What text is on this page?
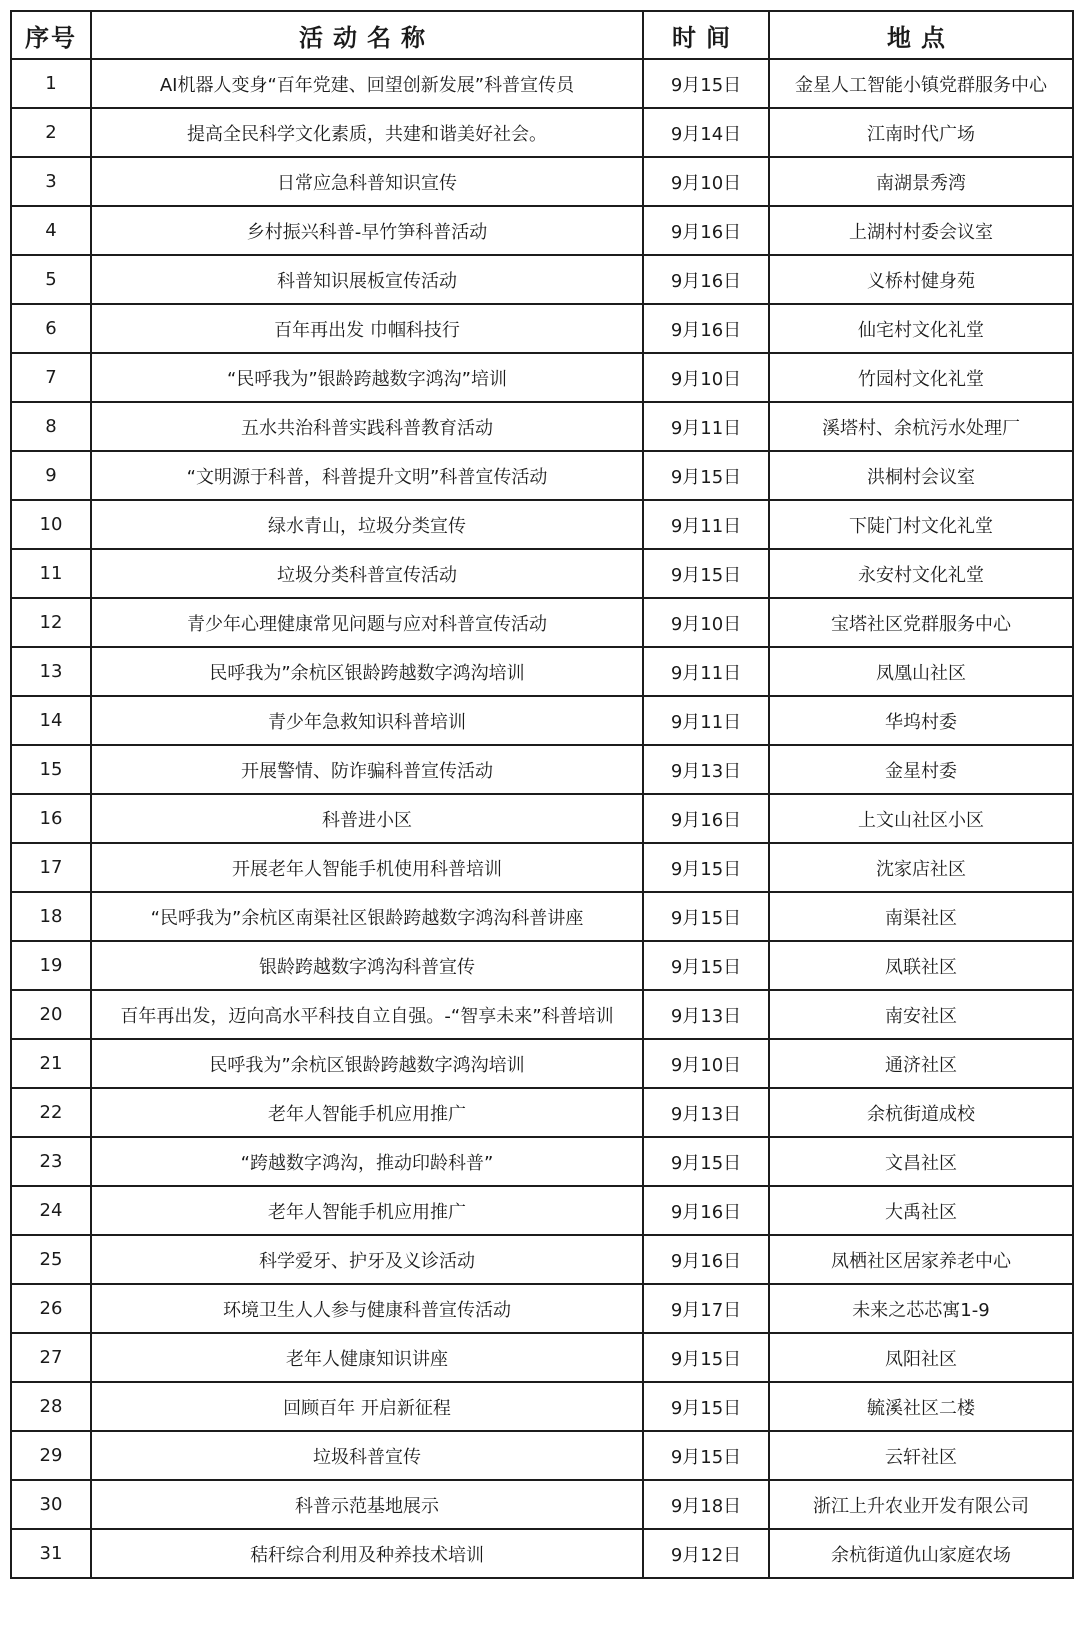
序号	活动名称	时间	地点
1	AI机器人变身“百年党建、回望创新发展”科普宣传员	9月15日	金星人工智能小镇党群服务中心
2	提高全民科学文化素质，共建和谐美好社会。	9月14日	江南时代广场
3	日常应急科普知识宣传	9月10日	南湖景秀湾
4	乡村振兴科普-早竹笋科普活动	9月16日	上湖村村委会议室
5	科普知识展板宣传活动	9月16日	义桥村健身苑
6	百年再出发 巾帼科技行	9月16日	仙宅村文化礼堂
7	“民呼我为”银龄跨越数字鸿沟”培训	9月10日	竹园村文化礼堂
8	五水共治科普实践科普教育活动	9月11日	溪塔村、余杭污水处理厂
9	“文明源于科普，科普提升文明”科普宣传活动	9月15日	洪桐村会议室
10	绿水青山，垃圾分类宣传	9月11日	下陡门村文化礼堂
11	垃圾分类科普宣传活动	9月15日	永安村文化礼堂
12	青少年心理健康常见问题与应对科普宣传活动	9月10日	宝塔社区党群服务中心
13	民呼我为”余杭区银龄跨越数字鸿沟培训	9月11日	凤凰山社区
14	青少年急救知识科普培训	9月11日	华坞村委
15	开展警情、防诈骗科普宣传活动	9月13日	金星村委
16	科普进小区	9月16日	上文山社区小区
17	开展老年人智能手机使用科普培训	9月15日	沈家店社区
18	“民呼我为”余杭区南渠社区银龄跨越数字鸿沟科普讲座	9月15日	南渠社区
19	银龄跨越数字鸿沟科普宣传	9月15日	凤联社区
20	百年再出发，迈向高水平科技自立自强。-“智享未来”科普培训	9月13日	南安社区
21	民呼我为”余杭区银龄跨越数字鸿沟培训	9月10日	通济社区
22	老年人智能手机应用推广	9月13日	余杭街道成校
23	“跨越数字鸿沟，推动印龄科普”	9月15日	文昌社区
24	老年人智能手机应用推广	9月16日	大禹社区
25	科学爱牙、护牙及义诊活动	9月16日	凤栖社区居家养老中心
26	环境卫生人人参与健康科普宣传活动	9月17日	未来之芯芯寓1-9
27	老年人健康知识讲座	9月15日	凤阳社区
28	回顾百年 开启新征程	9月15日	毓溪社区二楼
29	垃圾科普宣传	9月15日	云轩社区
30	科普示范基地展示	9月18日	浙江上升农业开发有限公司
31	秸秆综合利用及种养技术培训	9月12日	余杭街道仇山家庭农场
